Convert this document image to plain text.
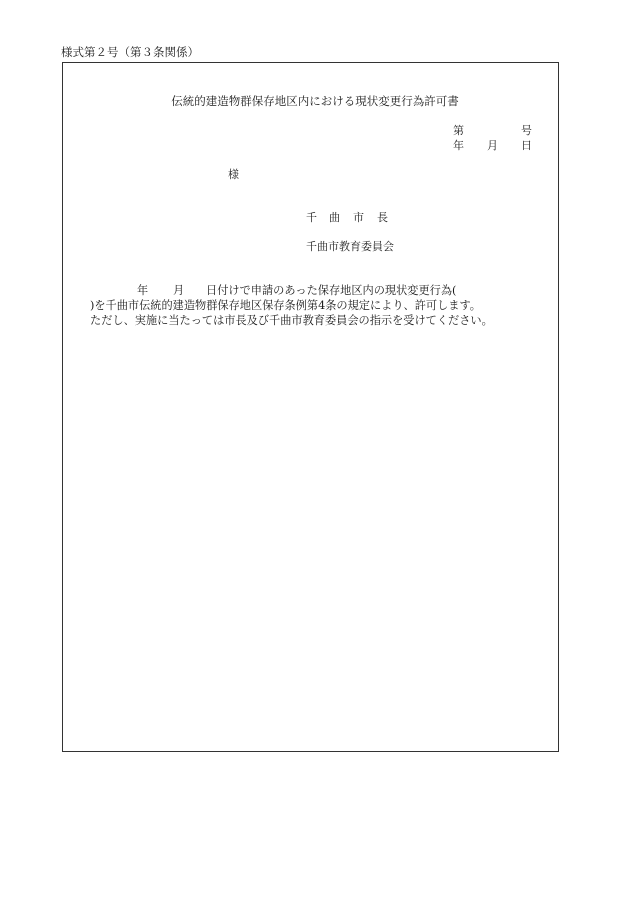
様式第２号（第３条関係）
伝統的建造物群保存地区内における現状変更行為許可書
第	号
年 月 日
様
千 曲 市 長
千曲市教育委員会
年 月 日付けで申請のあった保存地区内の現状変更行為(
)を千曲市伝統的建造物群保存地区保存条例第4条の規定により、許可します。
ただし、実施に当たっては市長及び千曲市教育委員会の指示を受けてください。
